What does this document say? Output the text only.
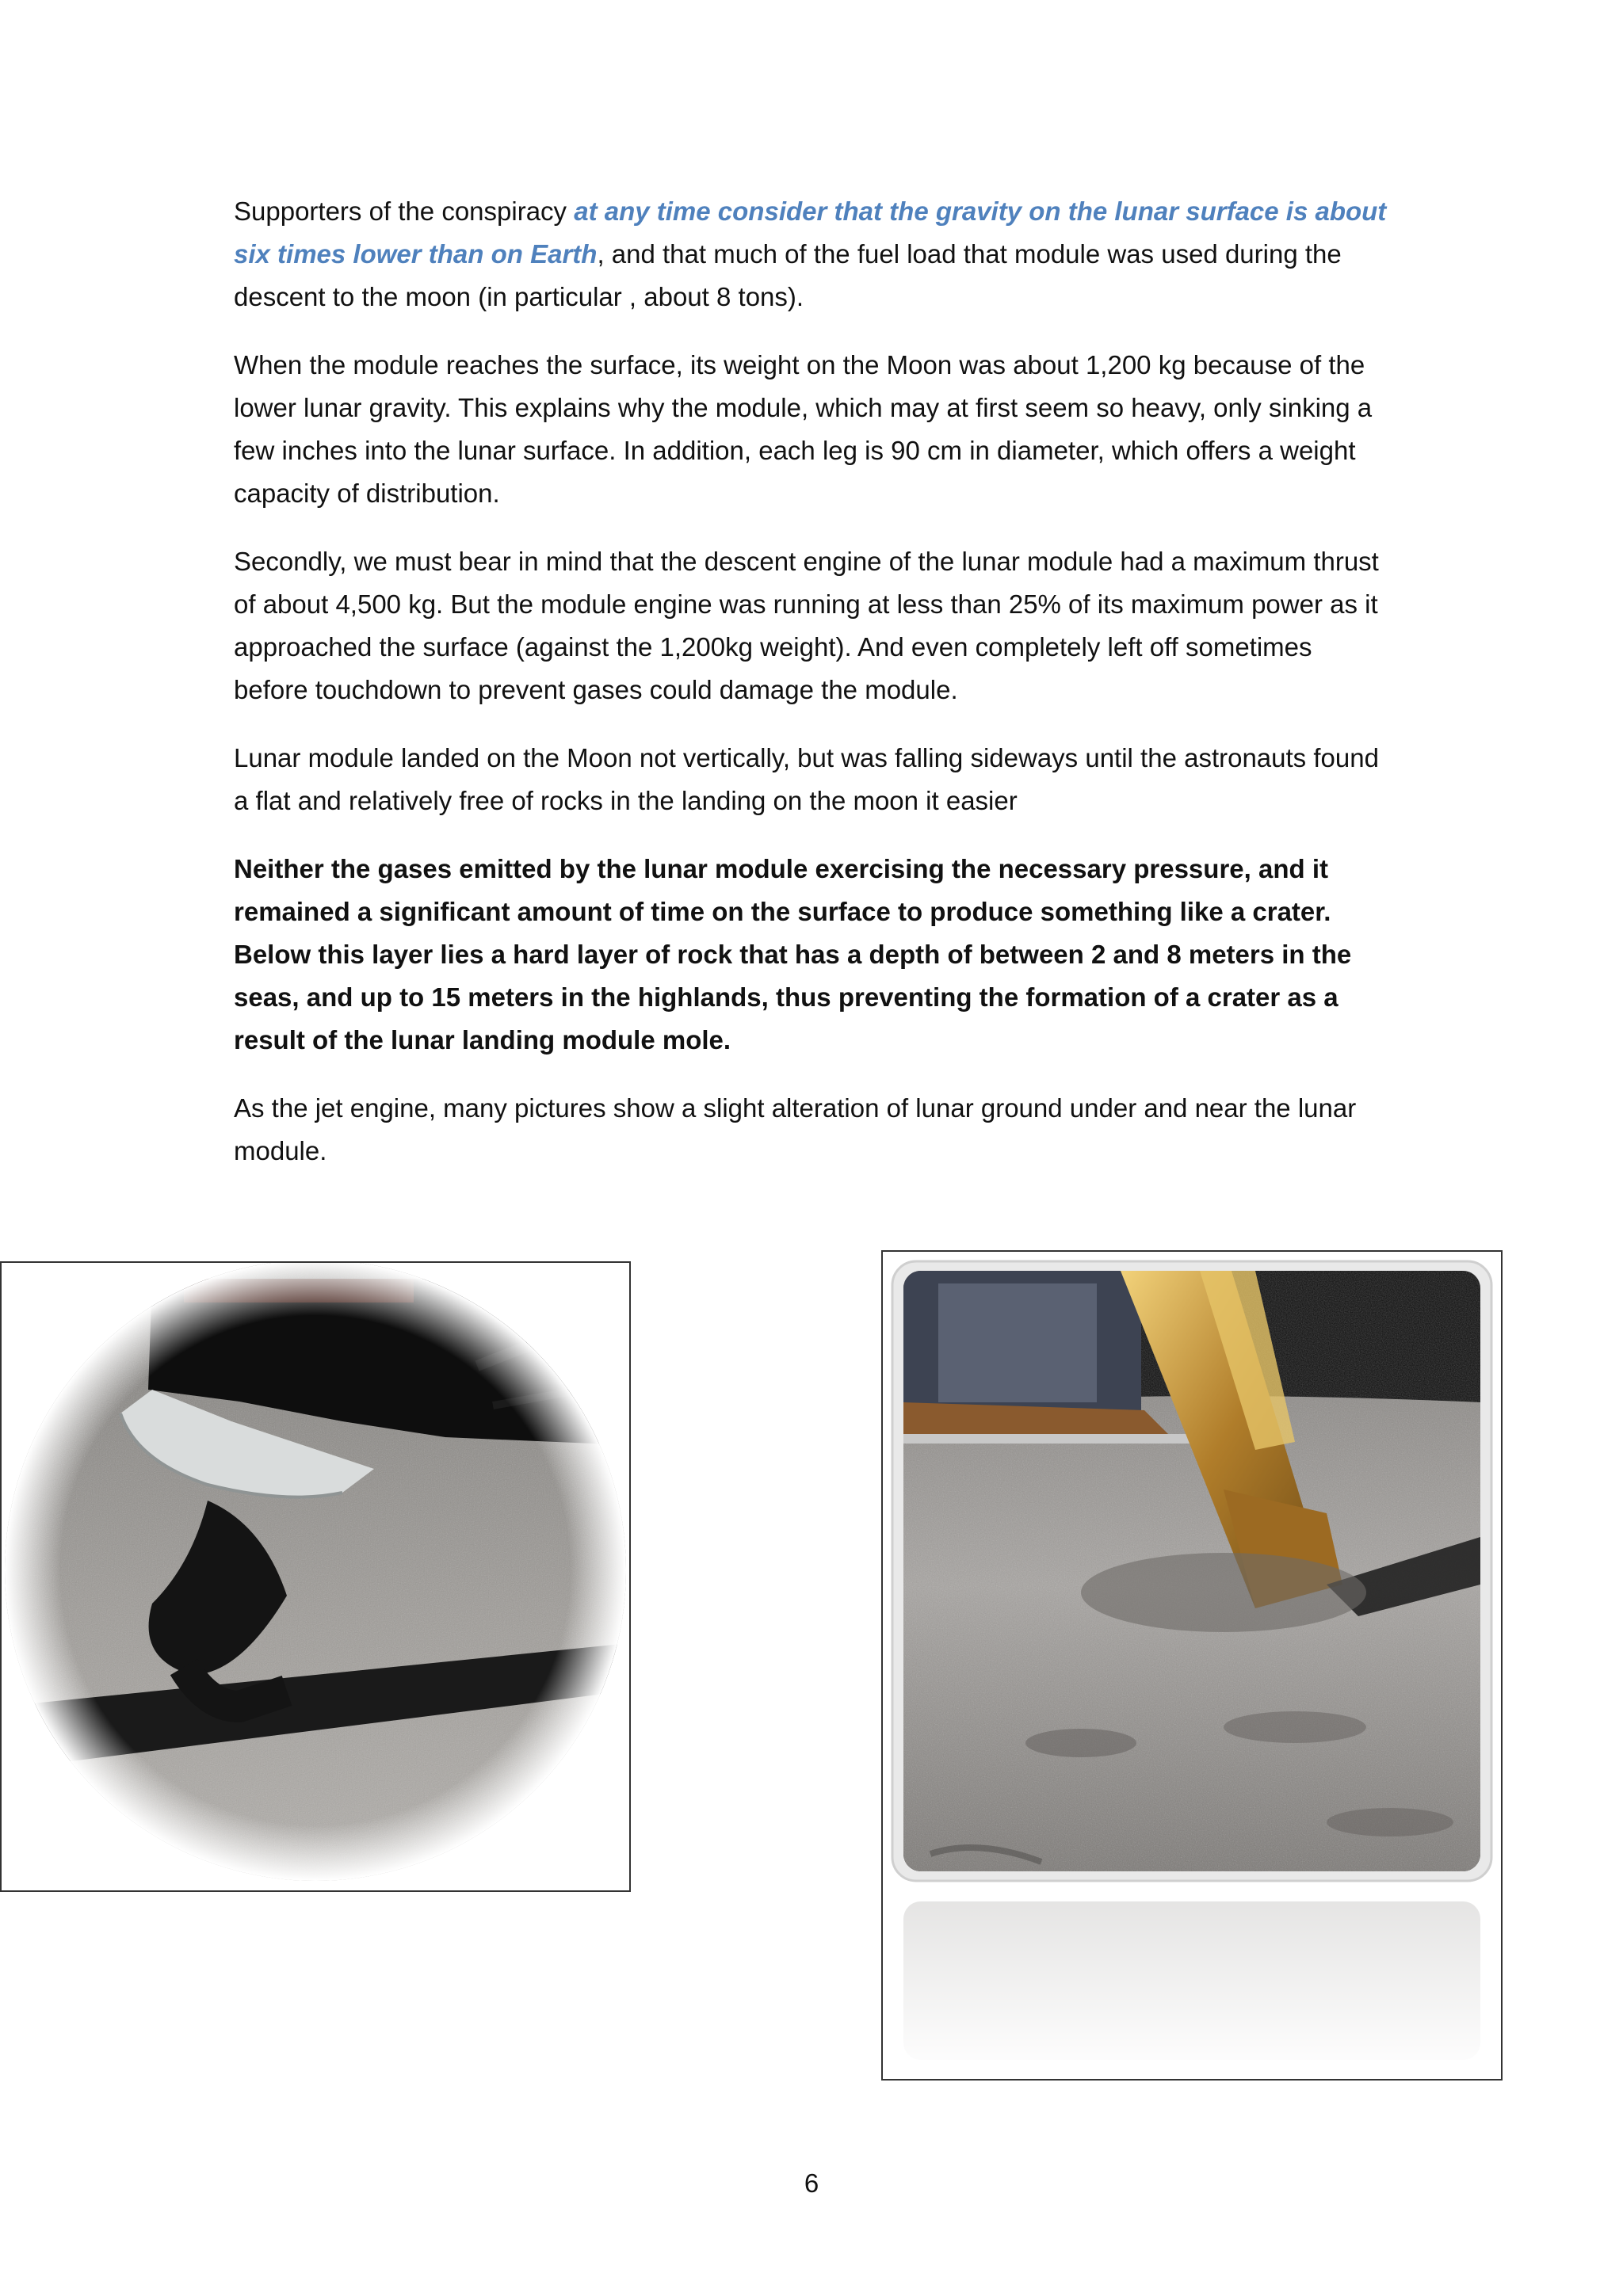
Supporters of the conspiracy at any time consider that the gravity on the lunar surface is about six times lower than on Earth, and that much of the fuel load that module was used during the descent to the moon (in particular , about 8 tons).

When the module reaches the surface, its weight on the Moon was about 1,200 kg because of the lower lunar gravity. This explains why the module, which may at first seem so heavy, only sinking a few inches into the lunar surface. In addition, each leg is 90 cm in diameter, which offers a weight capacity of distribution.

Secondly, we must bear in mind that the descent engine of the lunar module had a maximum thrust of about 4,500 kg. But the module engine was running at less than 25% of its maximum power as it approached the surface (against the 1,200kg weight). And even completely left off sometimes before touchdown to prevent gases could damage the module.

Lunar module landed on the Moon not vertically, but was falling sideways until the astronauts found a flat and relatively free of rocks in the landing on the moon it easier

Neither the gases emitted by the lunar module exercising the necessary pressure, and it remained a significant amount of time on the surface to produce something like a crater. Below this layer lies a hard layer of rock that has a depth of between 2 and 8 meters in the seas, and up to 15 meters in the highlands, thus preventing the formation of a crater as a result of the lunar landing module mole.

As the jet engine, many pictures show a slight alteration of lunar ground under and near the lunar module.

6
